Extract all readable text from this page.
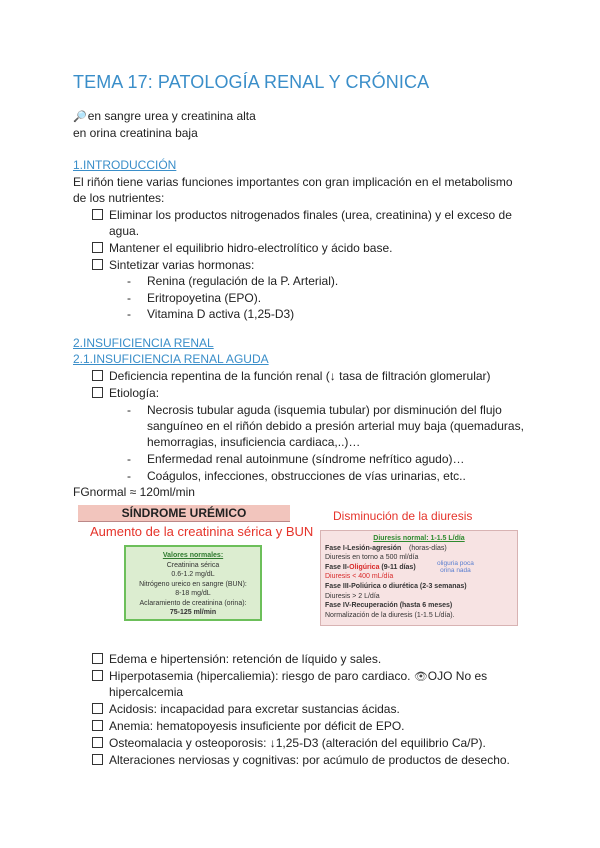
TEMA 17: PATOLOGÍA RENAL Y CRÓNICA
🔎en sangre urea y creatinina alta
en orina creatinina baja
1.INTRODUCCIÓN
El riñón tiene varias funciones importantes con gran implicación en el metabolismo
de los nutrientes:
Eliminar los productos nitrogenados finales (urea, creatinina) y el exceso de
agua.
Mantener el equilibrio hidro-electrolítico y ácido base.
Sintetizar varias hormonas:
- Renina (regulación de la P. Arterial).
- Eritropoyetina (EPO).
- Vitamina D activa (1,25-D3)
2.INSUFICIENCIA RENAL
2.1.INSUFICIENCIA RENAL AGUDA
Deficiencia repentina de la función renal (↓ tasa de filtración glomerular)
Etiología:
- Necrosis tubular aguda (isquemia tubular) por disminución del flujo
sanguíneo en el riñón debido a presión arterial muy baja (quemaduras,
hemorragias, insuficiencia cardiaca,..)…
- Enfermedad renal autoinmune (síndrome nefrítico agudo)…
- Coágulos, infecciones, obstrucciones de vías urinarias, etc..
FGnormal ≈ 120ml/min
SÍNDROME URÉMICO
Aumento de la creatinina sérica y BUN
Valores normales:
Creatinina sérica
0.6-1.2 mg/dL
Nitrógeno ureico en sangre (BUN):
8-18 mg/dL
Aclaramiento de creatinina (orina):
75-125 ml/min
Disminución de la diuresis
Diuresis normal: 1-1.5 L/día
Fase I-Lesión-agresión (horas-días)
Diuresis en torno a 500 ml/día
Fase II-Oligúrica (9-11 días)
Diuresis < 400 mL/día
Fase III-Poliúrica o diurética (2-3 semanas)
Diuresis > 2 L/día
Fase IV-Recuperación (hasta 6 meses)
Normalización de la diuresis (1-1.5 L/día).
oliguria poca
orina nada
Edema e hipertensión: retención de líquido y sales.
Hiperpotasemia (hipercaliemia): riesgo de paro cardiaco. 👁OJO No es
hipercalcemia
Acidosis: incapacidad para excretar sustancias ácidas.
Anemia: hematopoyesis insuficiente por déficit de EPO.
Osteomalacia y osteoporosis: ↓1,25-D3 (alteración del equilibrio Ca/P).
Alteraciones nerviosas y cognitivas: por acúmulo de productos de desecho.
